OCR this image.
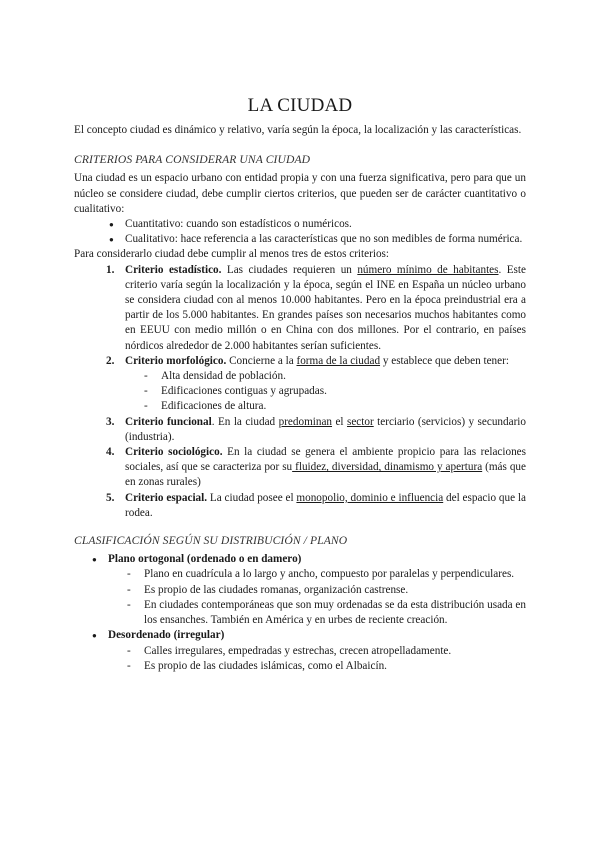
LA CIUDAD

El concepto ciudad es dinámico y relativo, varía según la época, la localización y las características.

CRITERIOS PARA CONSIDERAR UNA CIUDAD

Una ciudad es un espacio urbano con entidad propia y con una fuerza significativa, pero para que un núcleo se considere ciudad, debe cumplir ciertos criterios, que pueden ser de carácter cuantitativo o cualitativo:

● Cuantitativo: cuando son estadísticos o numéricos.
● Cualitativo: hace referencia a las características que no son medibles de forma numérica.

Para considerarlo ciudad debe cumplir al menos tres de estos criterios:

1. Criterio estadístico. Las ciudades requieren un número mínimo de habitantes. Este criterio varía según la localización y la época, según el INE en España un núcleo urbano se considera ciudad con al menos 10.000 habitantes. Pero en la época preindustrial era a partir de los 5.000 habitantes. En grandes países son necesarios muchos habitantes como en EEUU con medio millón o en China con dos millones. Por el contrario, en países nórdicos alrededor de 2.000 habitantes serían suficientes.
2. Criterio morfológico. Concierne a la forma de la ciudad y establece que deben tener:
- Alta densidad de población.
- Edificaciones contiguas y agrupadas.
- Edificaciones de altura.
3. Criterio funcional. En la ciudad predominan el sector terciario (servicios) y secundario (industria).
4. Criterio sociológico. En la ciudad se genera el ambiente propicio para las relaciones sociales, así que se caracteriza por su fluidez, diversidad, dinamismo y apertura (más que en zonas rurales)
5. Criterio espacial. La ciudad posee el monopolio, dominio e influencia del espacio que la rodea.
CLASIFICACIÓN SEGÚN SU DISTRIBUCIÓN / PLANO
● Plano ortogonal (ordenado o en damero)
- Plano en cuadrícula a lo largo y ancho, compuesto por paralelas y perpendiculares.
- Es propio de las ciudades romanas, organización castrense.
- En ciudades contemporáneas que son muy ordenadas se da esta distribución usada en los ensanches. También en América y en urbes de reciente creación.
● Desordenado (irregular)
- Calles irregulares, empedradas y estrechas, crecen atropelladamente.
- Es propio de las ciudades islámicas, como el Albaicín.
